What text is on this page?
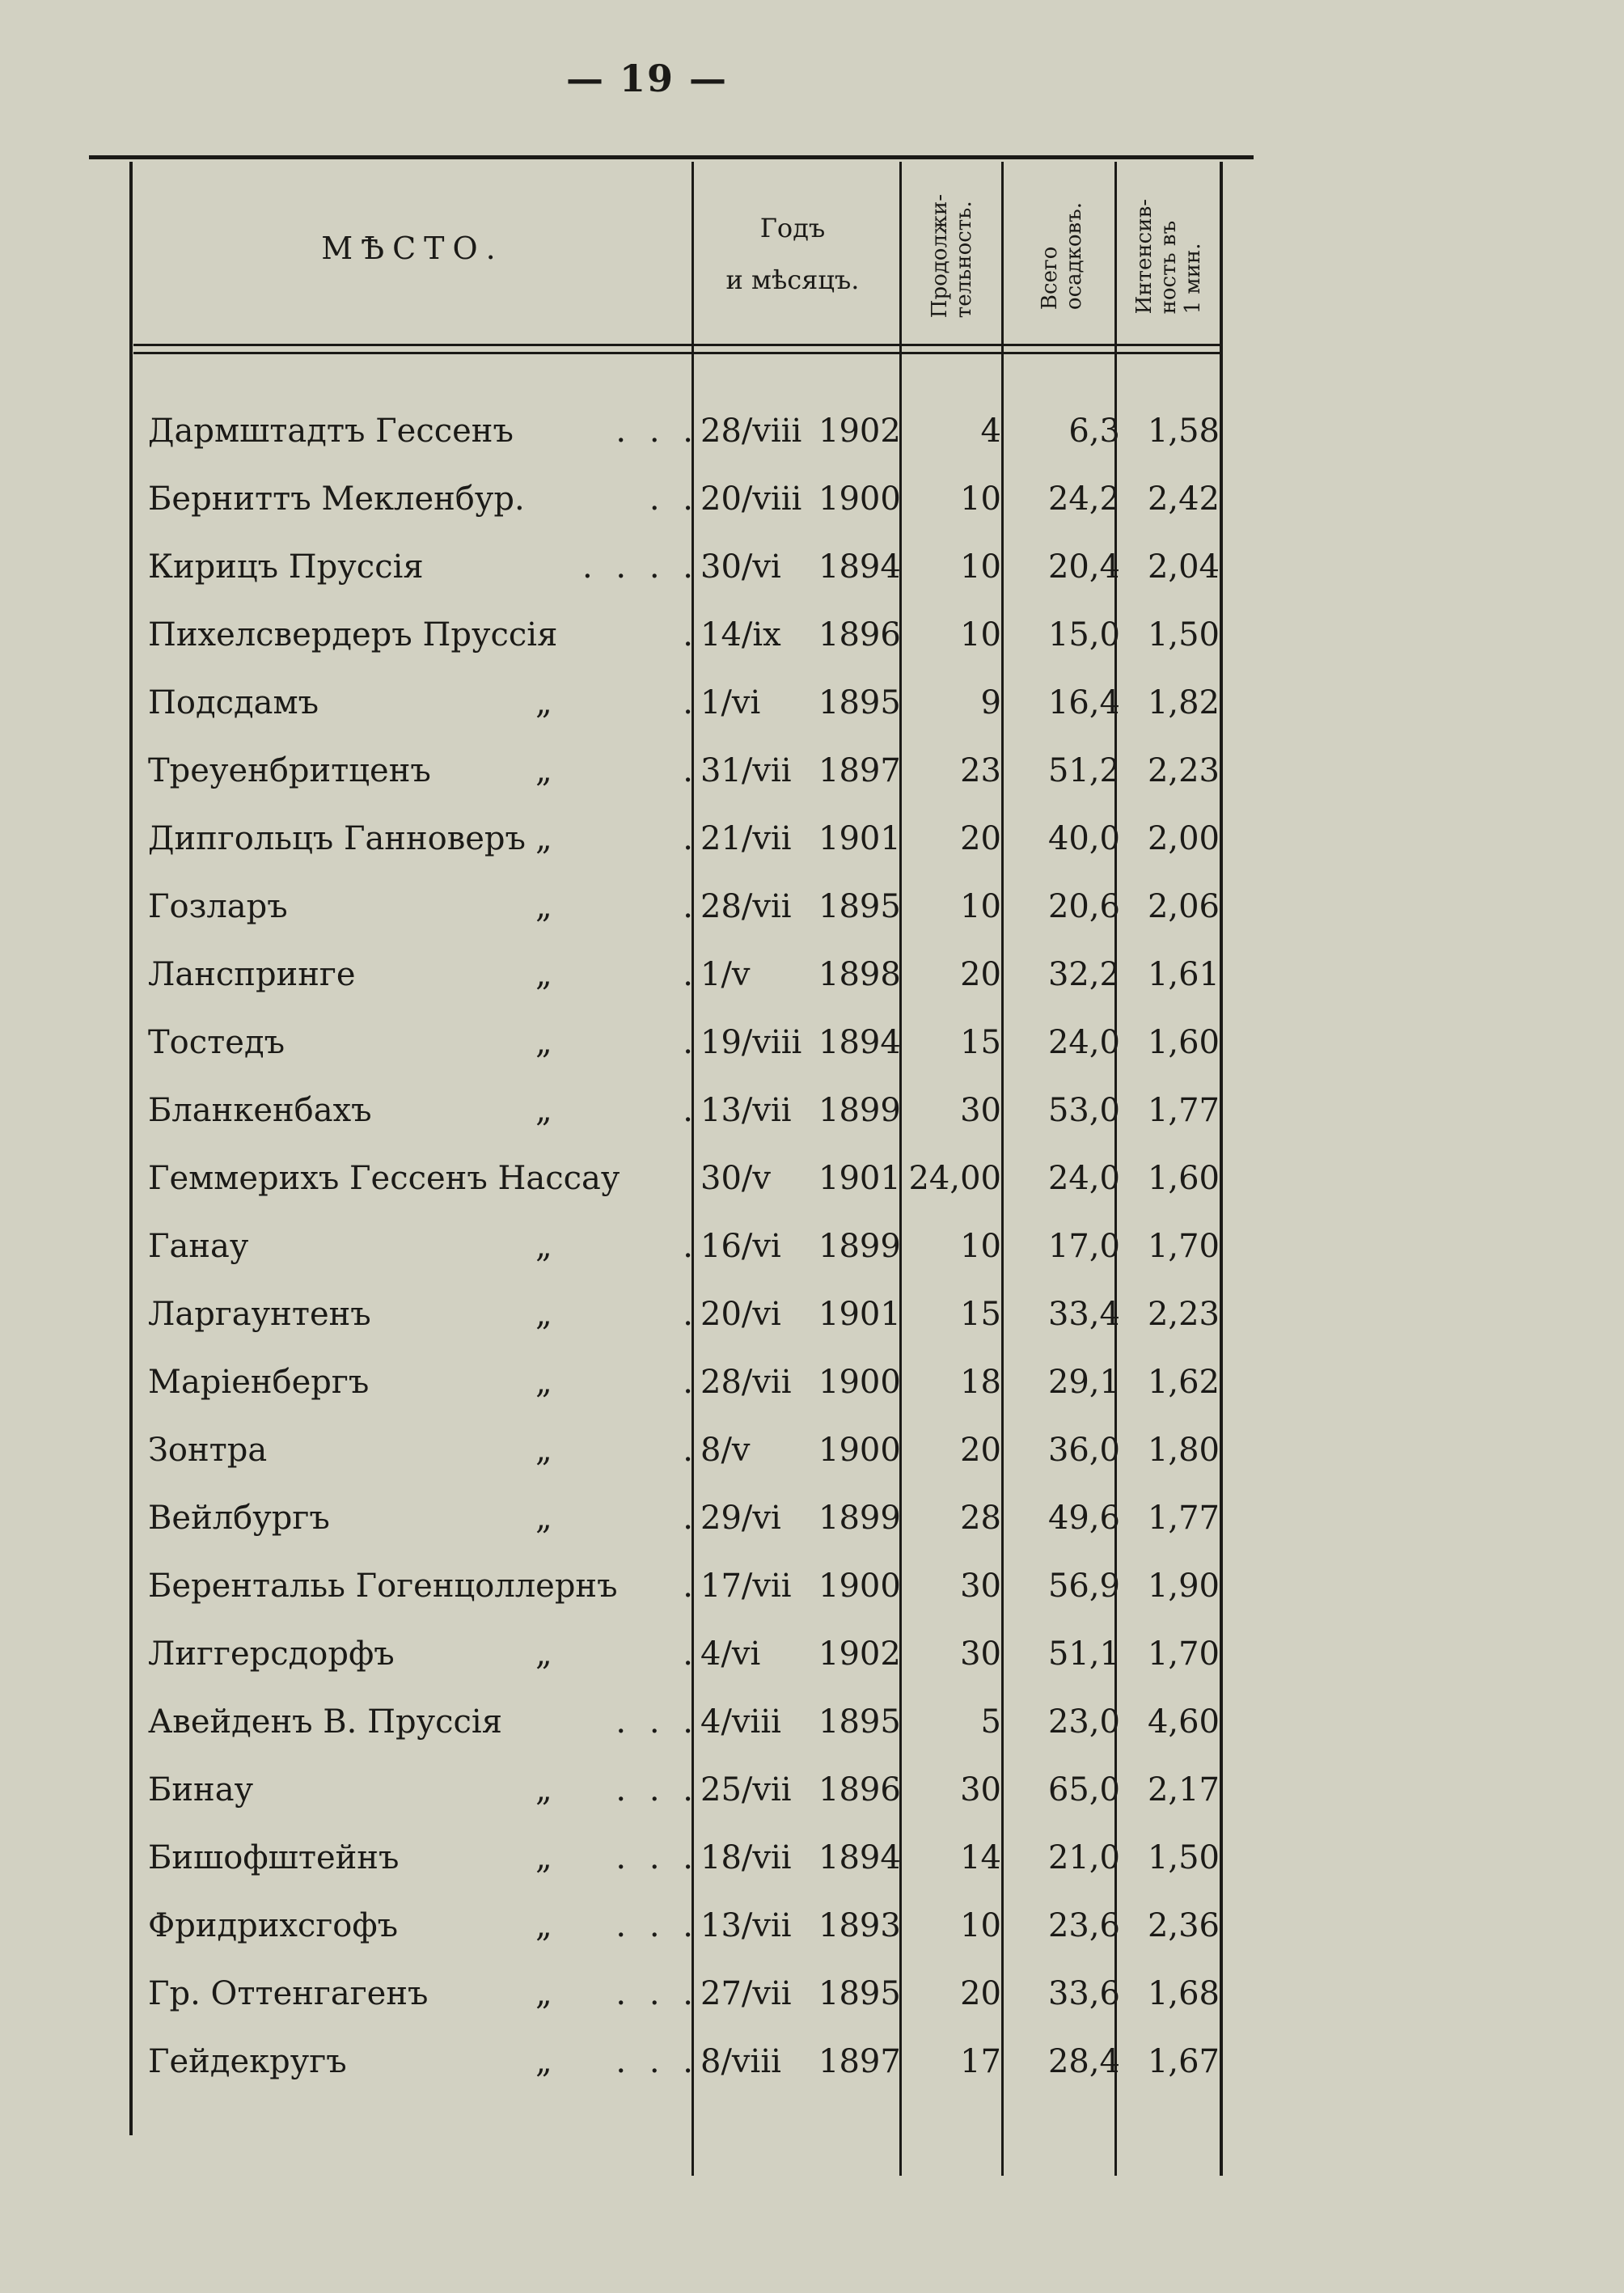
— 19 —
МѢСТО.
Годъ
и мѣсяцъ.	Продолжи-
тельность.	Всего
осадковъ. Интенсив-
ность въ
1 мин.
Дармштадтъ Гессенъ	. . . 28/viii 1902	4	6,3 1,58
Берниттъ Мекленбур.	. . 20/viii 1900	10	24,2 2,42
Кирицъ Пруссія	. . . . 30/vi 1894	10	20,4 2,04
Пихелсвердеръ Пруссія	. 14/ix 1896	10	15,0 1,50
Подсдамъ	„	. 1/vi 1895	9	16,4 1,82
Треуенбритценъ	„	. 31/vii 1897	23	51,2 2,23
Дипгольцъ Ганноверъ „	. 21/vii 1901	20	40,0 2,00
Гозларъ	„	. 28/vii 1895	10	20,6 2,06
Ланспринге	„	. 1/v 1898	20	32,2 1,61
Тостедъ	„	. 19/viii 1894	15	24,0 1,60
Бланкенбахъ	„	. 13/vii 1899	30	53,0 1,77
Геммерихъ Гессенъ Нассау 30/v 1901 24,00	24,0 1,60
Ганау	„	. 16/vi 1899	10	17,0 1,70
Ларгаунтенъ	„	. 20/vi 1901	15	33,4 2,23
Маріенбергъ	„	. 28/vii 1900	18	29,1 1,62
Зонтра	„	. 8/v 1900	20	36,0 1,80
Вейлбургъ	„	. 29/vi 1899	28	49,6 1,77
Берентальь Гогенцоллернъ	. 17/vii 1900	30	56,9 1,90
Лиггерсдорфъ	„	. 4/vi 1902	30	51,1 1,70
Авейденъ В. Пруссія	. . . 4/viii 1895	5	23,0 4,60
Бинау	„	. . . 25/vii 1896	30	65,0 2,17
Бишофштейнъ	„	. . . 18/vii 1894	14	21,0 1,50
Фридрихсгофъ	„	. . . 13/vii 1893	10	23,6 2,36
Гр. Оттенгагенъ	„	. . . 27/vii 1895	20	33,6 1,68
Гейдекругъ	„	. . . 8/viii 1897	17	28,4 1,67
